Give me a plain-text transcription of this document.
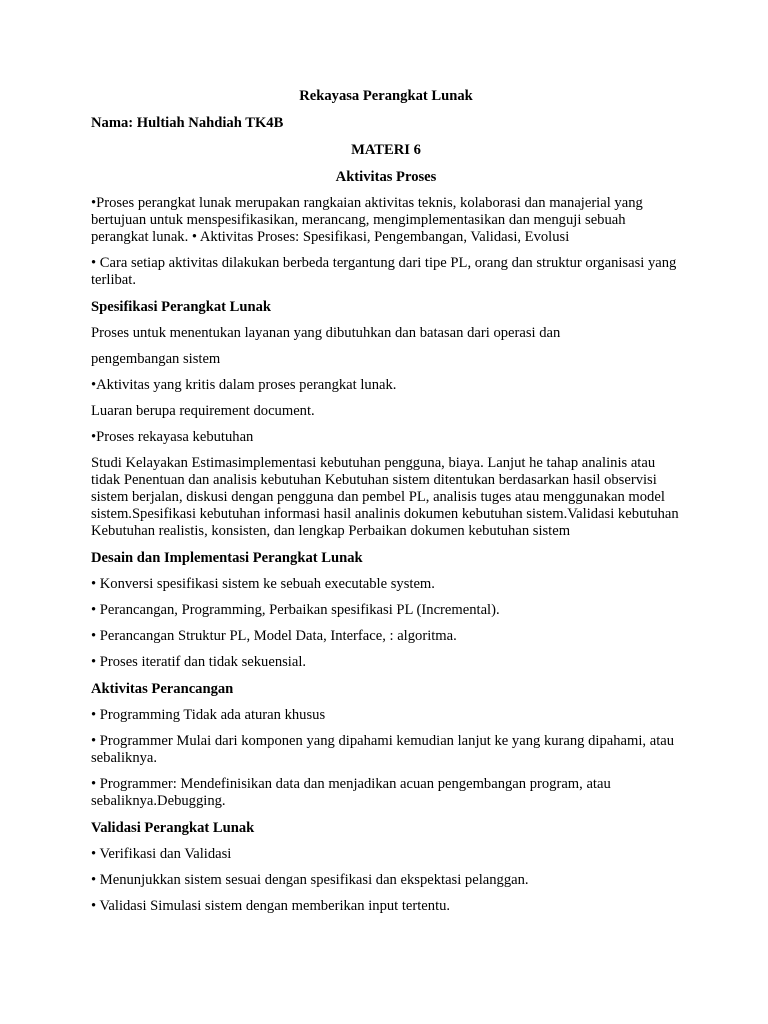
Rekayasa Perangkat Lunak

Nama: Hultiah Nahdiah TK4B

MATERI 6

Aktivitas Proses

•Proses perangkat lunak merupakan rangkaian aktivitas teknis, kolaborasi dan manajerial yang bertujuan untuk menspesifikasikan, merancang, mengimplementasikan dan menguji sebuah perangkat lunak. • Aktivitas Proses: Spesifikasi, Pengembangan, Validasi, Evolusi

• Cara setiap aktivitas dilakukan berbeda tergantung dari tipe PL, orang dan struktur organisasi yang terlibat.

Spesifikasi Perangkat Lunak

Proses untuk menentukan layanan yang dibutuhkan dan batasan dari operasi dan

pengembangan sistem

•Aktivitas yang kritis dalam proses perangkat lunak.

Luaran berupa requirement document.

•Proses rekayasa kebutuhan

Studi Kelayakan Estimasimplementasi kebutuhan pengguna, biaya. Lanjut he tahap analinis atau tidak Penentuan dan analisis kebutuhan Kebutuhan sistem ditentukan berdasarkan hasil observisi sistem berjalan, diskusi dengan pengguna dan pembel PL, analisis tuges atau menggunakan model sistem.Spesifikasi kebutuhan informasi hasil analinis dokumen kebutuhan sistem.Validasi kebutuhan Kebutuhan realistis, konsisten, dan lengkap Perbaikan dokumen kebutuhan sistem

Desain dan Implementasi Perangkat Lunak

• Konversi spesifikasi sistem ke sebuah executable system.

• Perancangan, Programming, Perbaikan spesifikasi PL (Incremental).

• Perancangan Struktur PL, Model Data, Interface, : algoritma.

• Proses iteratif dan tidak sekuensial.

Aktivitas Perancangan

• Programming Tidak ada aturan khusus

• Programmer Mulai dari komponen yang dipahami kemudian lanjut ke yang kurang dipahami, atau sebaliknya.

• Programmer: Mendefinisikan data dan menjadikan acuan pengembangan program, atau sebaliknya.Debugging.

Validasi Perangkat Lunak

• Verifikasi dan Validasi

• Menunjukkan sistem sesuai dengan spesifikasi dan ekspektasi pelanggan.

• Validasi Simulasi sistem dengan memberikan input tertentu.
